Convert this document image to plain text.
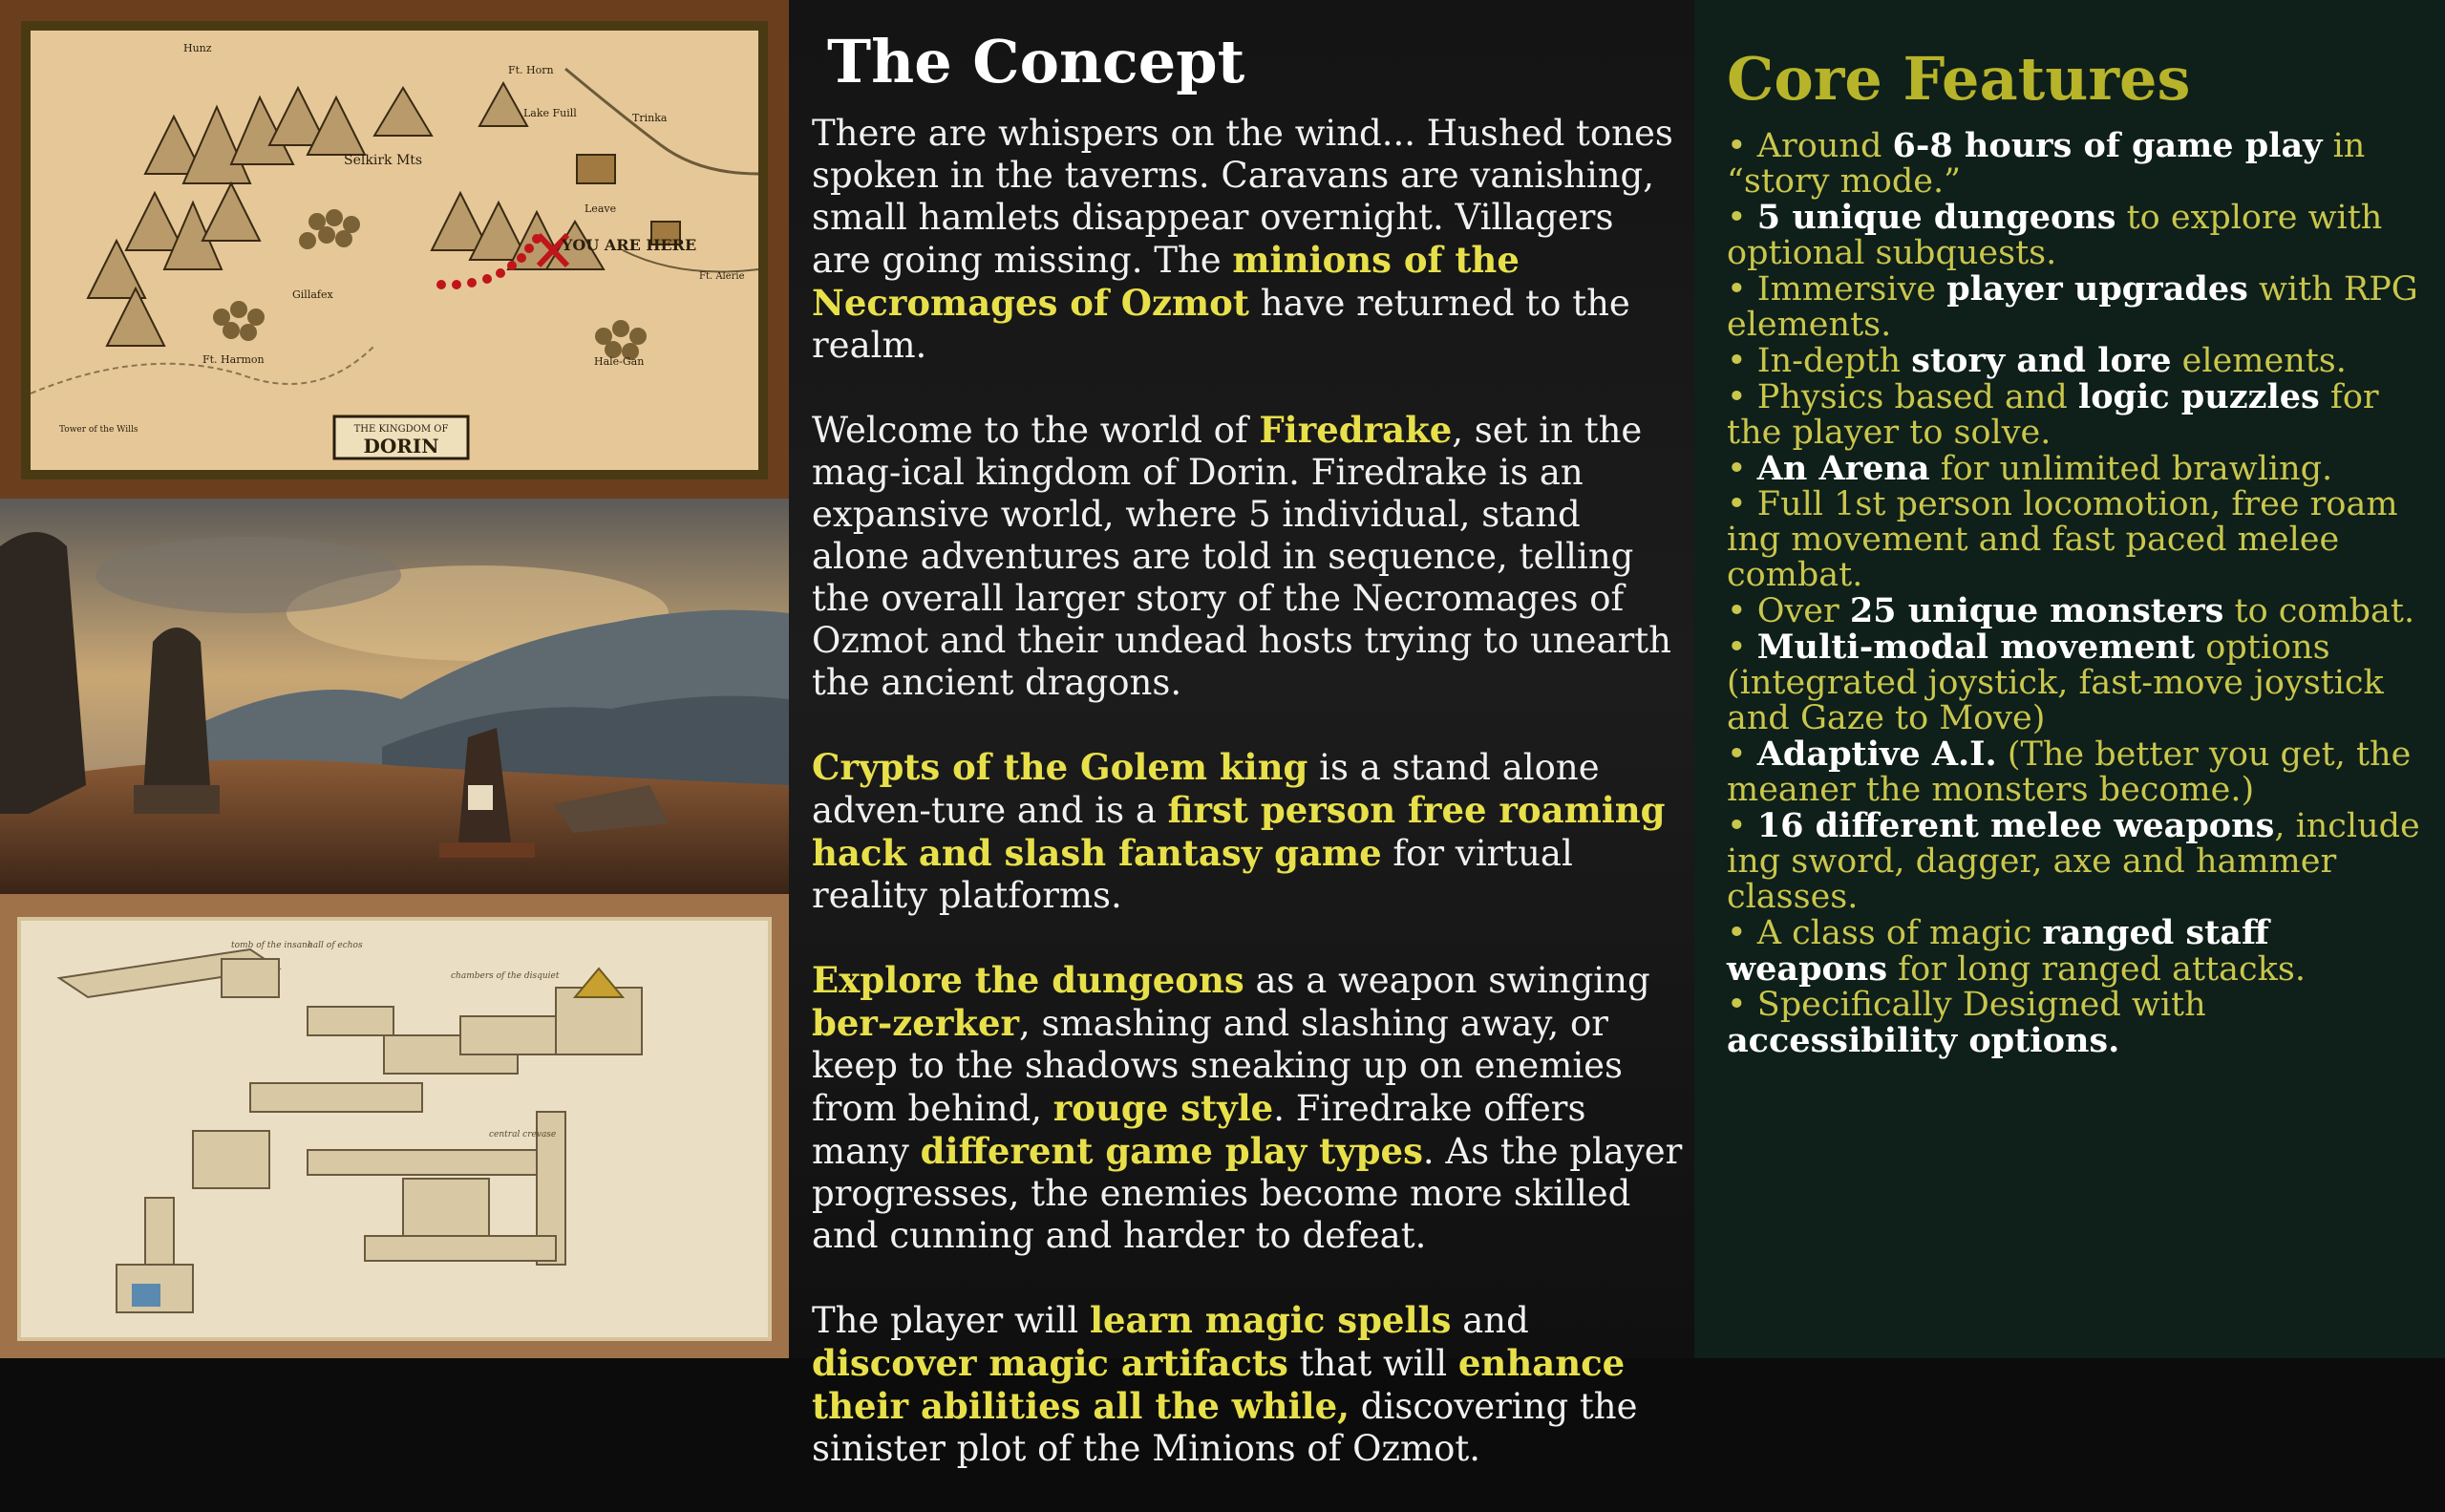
Selkirk Mts
YOU ARE HERE
Leave
Gillafex
Ft. Harmon	Hale-Gan
Ft. Horn
Lake Fuill	Trinka
Ft. Alerie
Hunz
Tower of the Wills	THE KINGDOM OF
DORIN
tomb of the insane
hall of echos
chambers of the disquiet
central crevase
The Concept

There are whispers on the wind... Hushed tones spoken in the taverns. Caravans are vanishing, small hamlets disappear overnight. Villagers are going missing. The minions of the Necromages of Ozmot have returned to the realm.

Welcome to the world of Firedrake, set in the mag-ical kingdom of Dorin. Firedrake is an expansive world, where 5 individual, stand alone adventures are told in sequence, telling the overall larger story of the Necromages of Ozmot and their undead hosts trying to unearth the ancient dragons.

Crypts of the Golem king is a stand alone adven-ture and is a first person free roaming hack and slash fantasy game for virtual reality platforms.

Explore the dungeons as a weapon swinging ber-zerker, smashing and slashing away, or keep to the shadows sneaking up on enemies from behind, rouge style. Firedrake offers many different game play types. As the player progresses, the enemies become more skilled and cunning and harder to defeat.

The player will learn magic spells and discover magic artifacts that will enhance their abilities all the while, discovering the sinister plot of the Minions of Ozmot.

Core Features
• Around 6-8 hours of game play in “story mode.”
• 5 unique dungeons to explore with optional subquests.
• Immersive player upgrades with RPG elements.
• In-depth story and lore elements.
• Physics based and logic puzzles for the player to solve.
• An Arena for unlimited brawling.
• Full 1st person locomotion, free roam ing movement and fast paced melee combat.
• Over 25 unique monsters to combat.
• Multi-modal movement options (integrated joystick, fast-move joystick and Gaze to Move)
• Adaptive A.I. (The better you get, the meaner the monsters become.)
• 16 different melee weapons, include ing sword, dagger, axe and hammer classes.
• A class of magic ranged staff weapons for long ranged attacks.
• Specifically Designed with accessibility options.
